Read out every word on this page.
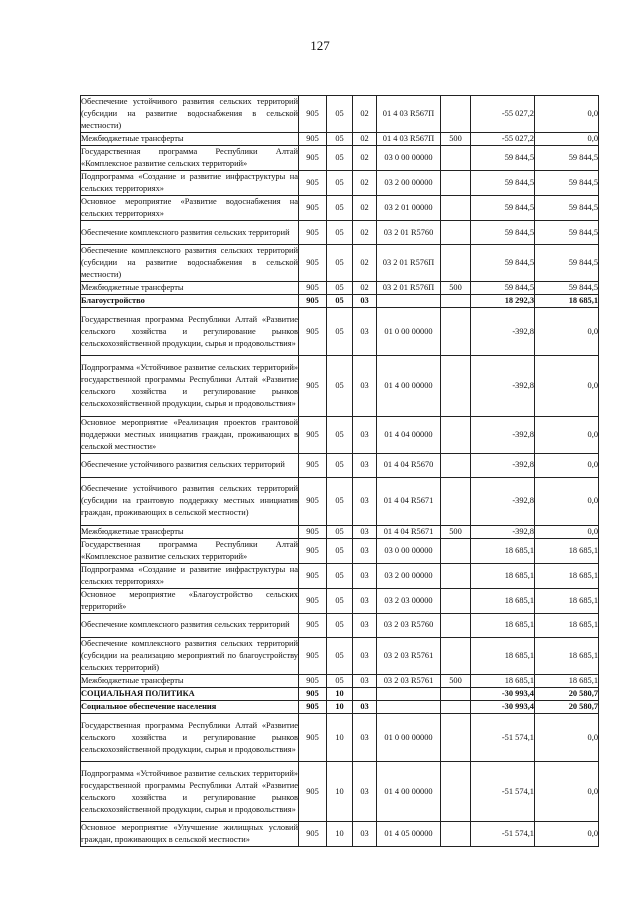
127
Обеспечение устойчивого развития сельских территорий (субсидии на развитие водоснабжения в сельской местности)	905	05	02	01 4 03 R567П		-55 027,2	0,0
Межбюджетные трансферты	905	05	02	01 4 03 R567П	500	-55 027,2	0,0
Государственная программа Республики Алтай «Комплексное развитие сельских территорий»	905	05	02	03 0 00 00000		59 844,5	59 844,5
Подпрограмма «Создание и развитие инфраструктуры на сельских территориях»	905	05	02	03 2 00 00000		59 844,5	59 844,5
Основное мероприятие «Развитие водоснабжения на сельских территориях»	905	05	02	03 2 01 00000		59 844,5	59 844,5
Обеспечение комплексного развития сельских территорий	905	05	02	03 2 01 R5760		59 844,5	59 844,5
Обеспечение комплексного развития сельских территорий (субсидии на развитие водоснабжения в сельской местности)	905	05	02	03 2 01 R576П		59 844,5	59 844,5
Межбюджетные трансферты	905	05	02	03 2 01 R576П	500	59 844,5	59 844,5
Благоустройство	905	05	03			18 292,3	18 685,1
Государственная программа Республики Алтай «Развитие сельского хозяйства и регулирование рынков сельскохозяйственной продукции, сырья и продовольствия»	905	05	03	01 0 00 00000		-392,8	0,0
Подпрограмма «Устойчивое развитие сельских территорий» государственной программы Республики Алтай «Развитие сельского хозяйства и регулирование рынков сельскохозяйственной продукции, сырья и продовольствия»	905	05	03	01 4 00 00000		-392,8	0,0
Основное мероприятие «Реализация проектов грантовой поддержки местных инициатив граждан, проживающих в сельской местности»	905	05	03	01 4 04 00000		-392,8	0,0
Обеспечение устойчивого развития сельских территорий	905	05	03	01 4 04 R5670		-392,8	0,0
Обеспечение устойчивого развития сельских территорий (субсидии на грантовую поддержку местных инициатив граждан, проживающих в сельской местности)	905	05	03	01 4 04 R5671		-392,8	0,0
Межбюджетные трансферты	905	05	03	01 4 04 R5671	500	-392,8	0,0
Государственная программа Республики Алтай «Комплексное развитие сельских территорий»	905	05	03	03 0 00 00000		18 685,1	18 685,1
Подпрограмма «Создание и развитие инфраструктуры на сельских территориях»	905	05	03	03 2 00 00000		18 685,1	18 685,1
Основное мероприятие «Благоустройство сельских территорий»	905	05	03	03 2 03 00000		18 685,1	18 685,1
Обеспечение комплексного развития сельских территорий	905	05	03	03 2 03 R5760		18 685,1	18 685,1
Обеспечение комплексного развития сельских территорий (субсидии на реализацию мероприятий по благоустройству сельских территорий)	905	05	03	03 2 03 R5761		18 685,1	18 685,1
Межбюджетные трансферты	905	05	03	03 2 03 R5761	500	18 685,1	18 685,1
СОЦИАЛЬНАЯ ПОЛИТИКА	905	10				-30 993,4	20 580,7
Социальное обеспечение населения	905	10	03			-30 993,4	20 580,7
Государственная программа Республики Алтай «Развитие сельского хозяйства и регулирование рынков сельскохозяйственной продукции, сырья и продовольствия»	905	10	03	01 0 00 00000		-51 574,1	0,0
Подпрограмма «Устойчивое развитие сельских территорий» государственной программы Республики Алтай «Развитие сельского хозяйства и регулирование рынков сельскохозяйственной продукции, сырья и продовольствия»	905	10	03	01 4 00 00000		-51 574,1	0,0
Основное мероприятие «Улучшение жилищных условий граждан, проживающих в сельской местности»	905	10	03	01 4 05 00000		-51 574,1	0,0
